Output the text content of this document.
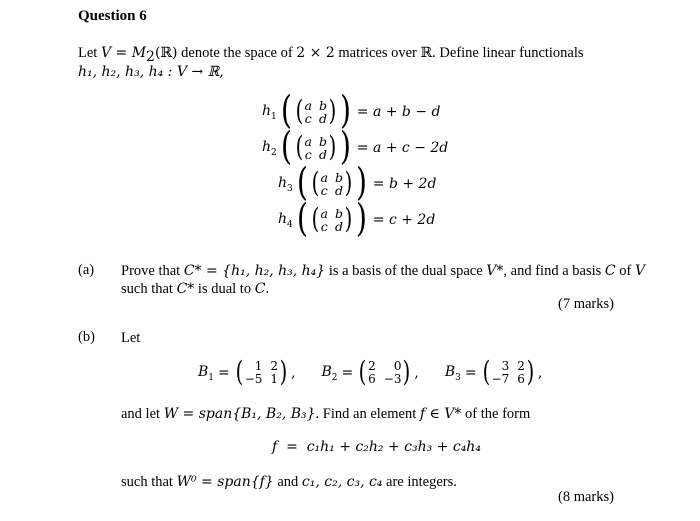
Question 6
Let $V = M_2(ℝ)$ denote the space of 2 × 2 matrices over ℝ. Define linear functionals
h₁, h₂, h₃, h₄ : V → ℝ,
$h_1$ ( ( a b
c d ) ) = a + b − d
$h_2$ ( ( a b
c d ) ) = a + c − 2d
$h_3$ ( ( a b
c d ) ) = b + 2d
$h_4$ ( ( a b
c d ) ) = c + 2d
(a) Prove that C* = {h₁, h₂, h₃, h₄} is a basis of the dual space V*, and find a basis C of V
such that C* is dual to C.
(7 marks)
(b) Let
$B_1$ = ( 1 2
−5 1 ) , $B_2$ = ( 2	0
6 −3 ) , $B_3$ = ( 3 2
−7 6 ) ,
and let W = span{B₁, B₂, B₃}. Find an element f ∈ V* of the form
f  =  c₁h₁ + c₂h₂ + c₃h₃ + c₄h₄
such that W⁰ = span{f} and c₁, c₂, c₃, c₄ are integers.
(8 marks)
